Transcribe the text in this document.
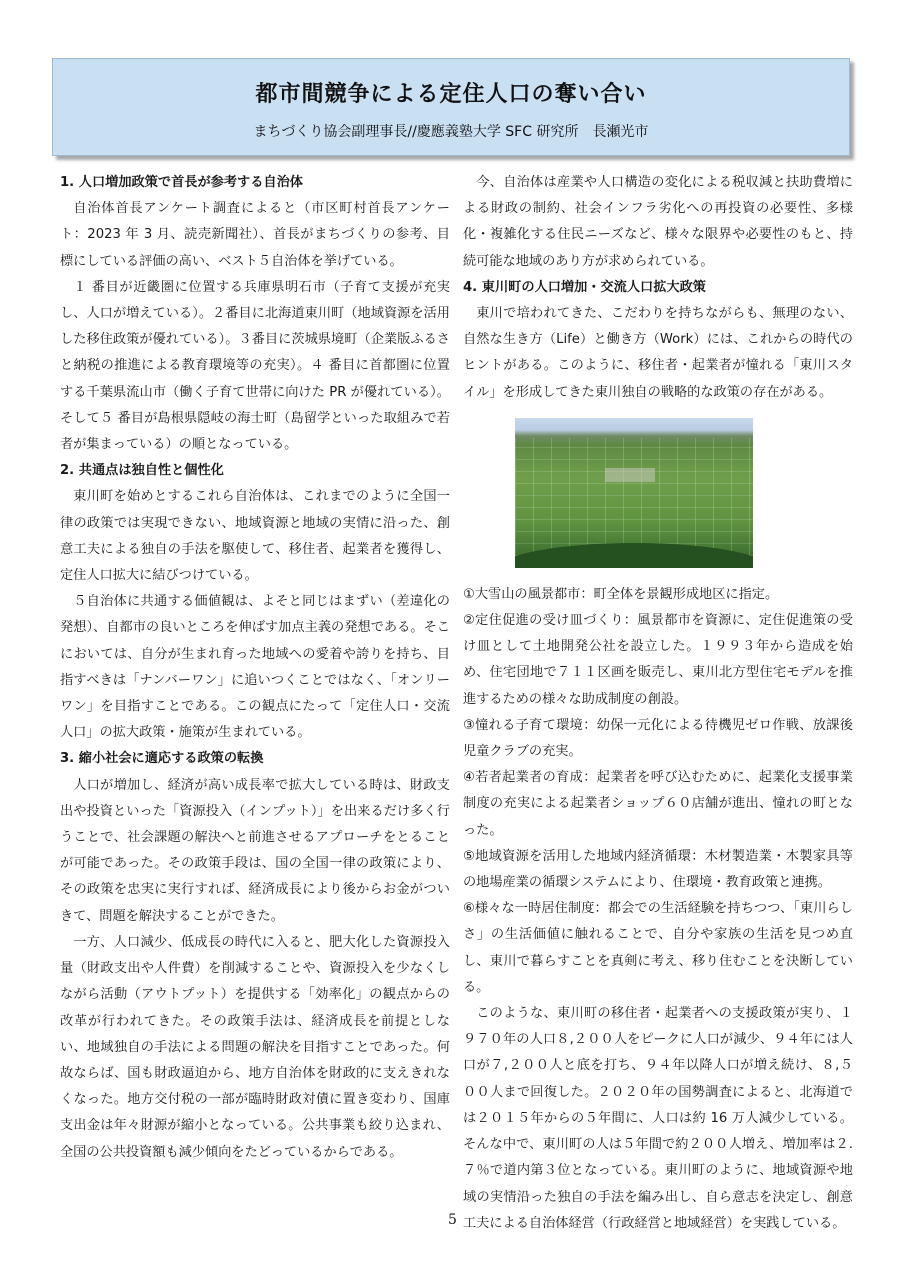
都市間競争による定住人口の奪い合い
まちづくり協会副理事長//慶應義塾大学 SFC 研究所　長瀬光市
1. 人口増加政策で首長が参考する自治体

自治体首長アンケート調査によると（市区町村首長アンケート：2023 年 3 月、読売新聞社）、首長がまちづくりの参考、目標にしている評価の高い、ベスト５自治体を挙げている。

１ 番目が近畿圏に位置する兵庫県明石市（子育て支援が充実し、人口が増えている）。２番目に北海道東川町（地域資源を活用した移住政策が優れている）。３番目に茨城県境町（企業版ふるさと納税の推進による教育環境等の充実）。４ 番目に首都圏に位置する千葉県流山市（働く子育て世帯に向けた PR が優れている）。そして５ 番目が島根県隠岐の海士町（島留学といった取組みで若者が集まっている）の順となっている。

2. 共通点は独自性と個性化

東川町を始めとするこれら自治体は、これまでのように全国一律の政策では実現できない、地域資源と地域の実情に沿った、創意工夫による独自の手法を駆使して、移住者、起業者を獲得し、定住人口拡大に結びつけている。

５自治体に共通する価値観は、よそと同じはまずい（差違化の発想）、自都市の良いところを伸ばす加点主義の発想である。そこにおいては、自分が生まれ育った地域への愛着や誇りを持ち、目指すべきは「ナンバーワン」に追いつくことではなく、「オンリーワン」を目指すことである。この観点にたって「定住人口・交流人口」の拡大政策・施策が生まれている。

3. 縮小社会に適応する政策の転換

人口が増加し、経済が高い成長率で拡大している時は、財政支出や投資といった「資源投入（インプット）」を出来るだけ多く行うことで、社会課題の解決へと前進させるアプローチをとることが可能であった。その政策手段は、国の全国一律の政策により、その政策を忠実に実行すれば、経済成長により後からお金がついきて、問題を解決することができた。

一方、人口減少、低成長の時代に入ると、肥大化した資源投入量（財政支出や人件費）を削減することや、資源投入を少なくしながら活動（アウトプット）を提供する「効率化」の観点からの改革が行われてきた。その政策手法は、経済成長を前提としない、地域独自の手法による問題の解決を目指すことであった。何故ならば、国も財政逼迫から、地方自治体を財政的に支えきれなくなった。地方交付税の一部が臨時財政対債に置き変わり、国庫支出金は年々財源が縮小となっている。公共事業も絞り込まれ、全国の公共投資額も減少傾向をたどっているからである。

今、自治体は産業や人口構造の変化による税収減と扶助費増による財政の制約、社会インフラ劣化への再投資の必要性、多様化・複雑化する住民ニーズなど、様々な限界や必要性のもと、持続可能な地域のあり方が求められている。

4. 東川町の人口増加・交流人口拡大政策

東川で培われてきた、こだわりを持ちながらも、無理のない、自然な生き方（Life）と働き方（Work）には、これからの時代のヒントがある。このように、移住者・起業者が憧れる「東川スタイル」を形成してきた東川独自の戦略的な政策の存在がある。

①大雪山の風景都市：町全体を景観形成地区に指定。

②定住促進の受け皿づくり：風景都市を資源に、定住促進策の受け皿として土地開発公社を設立した。１９９３年から造成を始め、住宅団地で７１１区画を販売し、東川北方型住宅モデルを推進するための様々な助成制度の創設。

③憧れる子育て環境：幼保一元化による待機児ゼロ作戦、放課後児童クラブの充実。

④若者起業者の育成：起業者を呼び込むために、起業化支援事業制度の充実による起業者ショップ６０店舗が進出、憧れの町となった。

⑤地域資源を活用した地域内経済循環：木材製造業・木製家具等の地場産業の循環システムにより、住環境・教育政策と連携。

⑥様々な一時居住制度：都会での生活経験を持ちつつ、「東川らしさ」の生活価値に触れることで、自分や家族の生活を見つめ直し、東川で暮らすことを真剣に考え、移り住むことを決断している。

このような、東川町の移住者・起業者への支援政策が実り、１９７０年の人口８,２００人をピークに人口が減少、９４年には人口が７,２００人と底を打ち、９４年以降人口が増え続け、８,５００人まで回復した。２０２０年の国勢調査によると、北海道では２０１５年からの５年間に、人口は約 16 万人減少している。そんな中で、東川町の人は５年間で約２００人増え、増加率は２.７％で道内第３位となっている。東川町のように、地域資源や地域の実情沿った独自の手法を編み出し、自ら意志を決定し、創意工夫による自治体経営（行政経営と地域経営）を実践している。

5
